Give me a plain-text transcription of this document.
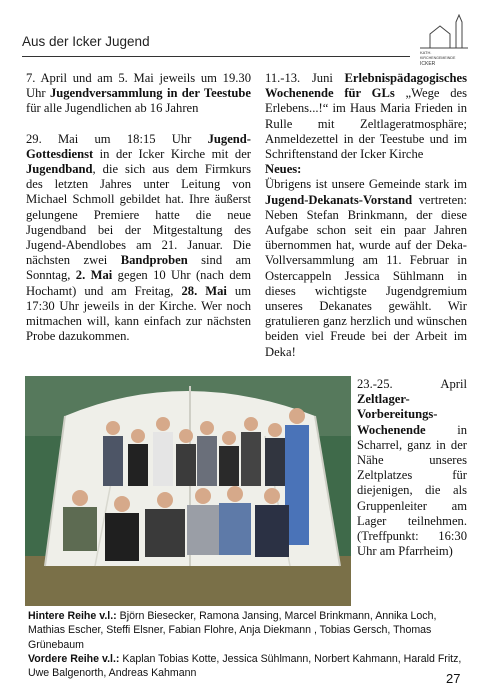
Aus der Icker Jugend
KATH.
KIRCHENGEMEINDE
ICKER

7. April und am 5. Mai jeweils um 19.30 Uhr Jugendversammlung in der Teestube für alle Jugendlichen ab 16 Jahren

29. Mai um 18:15 Uhr Jugend-Gottesdienst in der Icker Kirche mit der Jugendband, die sich aus dem Firmkurs des letzten Jahres unter Leitung von Michael Schmoll gebildet hat. Ihre äußerst gelungene Premiere hatte die neue Jugendband bei der Mitgestaltung des Jugend-Abendlobes am 21. Januar. Die nächsten zwei Bandproben sind am Sonntag, 2. Mai gegen 10 Uhr (nach dem Hochamt) und am Freitag, 28. Mai um 17:30 Uhr jeweils in der Kirche. Wer noch mitmachen will, kann einfach zur nächsten Probe dazukommen.

11.-13. Juni Erlebnispädagogisches Wochenende für GLs „Wege des Erlebens...!“ im Haus Maria Frieden in Rulle mit Zeltlageratmosphäre; Anmeldezettel in der Teestube und im Schriftenstand der Icker Kirche

Neues:

Übrigens ist unsere Gemeinde stark im Jugend-Dekanats-Vorstand vertreten: Neben Stefan Brinkmann, der diese Aufgabe schon seit ein paar Jahren übernommen hat, wurde auf der Deka-Vollversammlung am 11. Februar in Ostercappeln Jessica Sühlmann in dieses wichtigste Jugendgremium unseres Dekanates gewählt. Wir gratulieren ganz herzlich und wünschen beiden viel Freude bei der Arbeit im Deka!

23.-25. April Zeltlager-Vorbereitungs-Wochenende in Scharrel, ganz in der Nähe unseres Zeltplatzes für diejenigen, die als Gruppenleiter am Lager teilnehmen. (Treffpunkt: 16:30 Uhr am Pfarrheim)

Hintere Reihe v.l.: Björn Biesecker, Ramona Jansing, Marcel Brinkmann, Annika Loch, Mathias Escher, Steffi Elsner, Fabian Flohre, Anja Diekmann , Tobias Gersch, Thomas Grünebaum

Vordere Reihe v.l.: Kaplan Tobias Kotte, Jessica Sühlmann, Norbert Kahmann, Harald Fritz, Uwe Balgenorth, Andreas Kahmann	27
